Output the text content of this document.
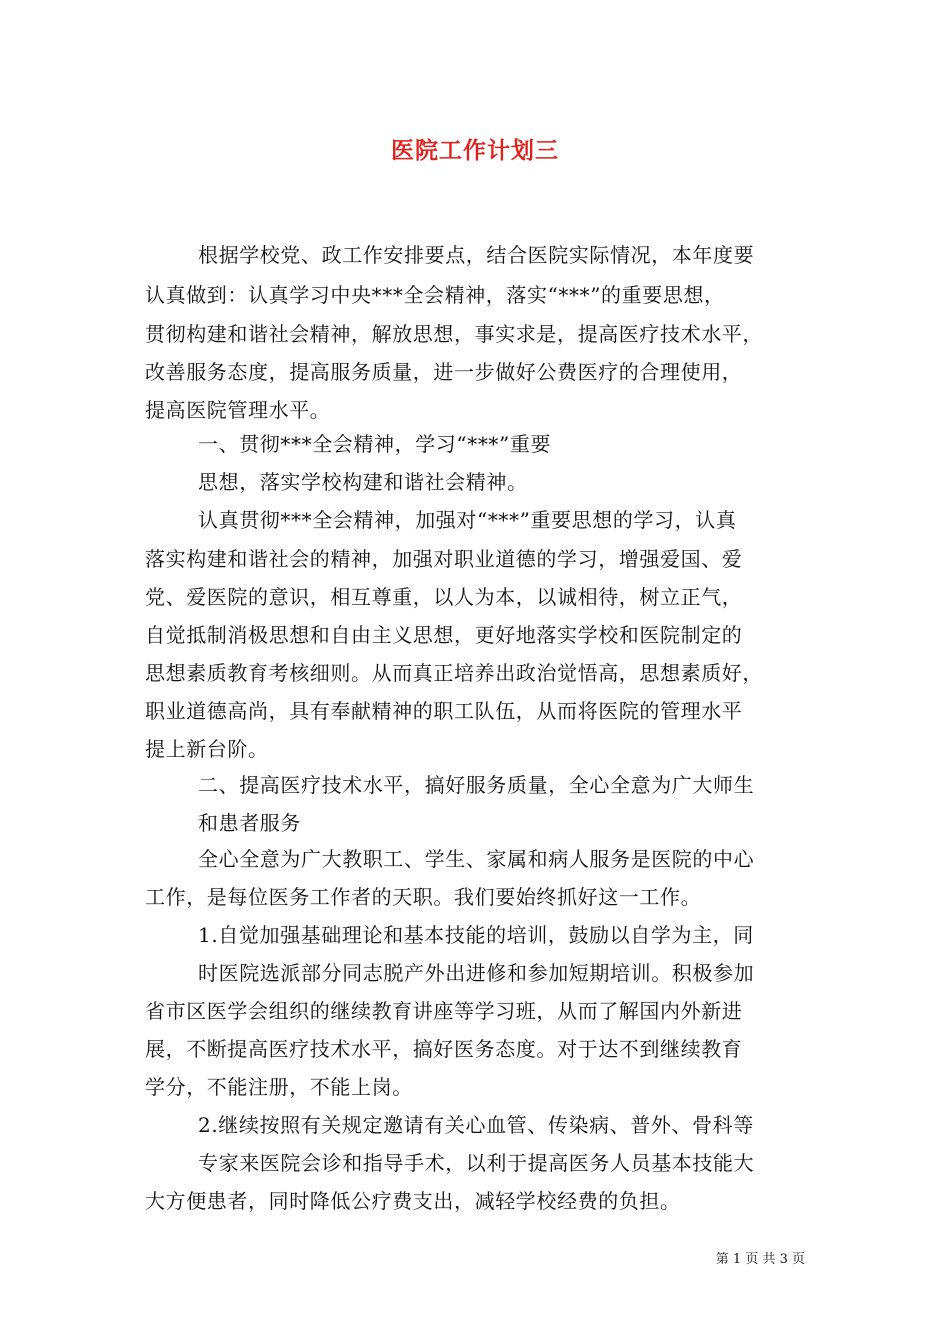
医院工作计划三

根据学校党、政工作安排要点，结合医院实际情况，本年度要

认真做到：认真学习中央***全会精神，落实“***”的重要思想，

贯彻构建和谐社会精神，解放思想，事实求是，提高医疗技术水平，

改善服务态度，提高服务质量，进一步做好公费医疗的合理使用，

提高医院管理水平。

一、贯彻***全会精神，学习“***”重要

思想，落实学校构建和谐社会精神。

认真贯彻***全会精神，加强对“***”重要思想的学习，认真

落实构建和谐社会的精神，加强对职业道德的学习，增强爱国、爱

党、爱医院的意识，相互尊重，以人为本，以诚相待，树立正气，

自觉抵制消极思想和自由主义思想，更好地落实学校和医院制定的

思想素质教育考核细则。从而真正培养出政治觉悟高，思想素质好，

职业道德高尚，具有奉献精神的职工队伍，从而将医院的管理水平

提上新台阶。

二、提高医疗技术水平，搞好服务质量，全心全意为广大师生

和患者服务

全心全意为广大教职工、学生、家属和病人服务是医院的中心

工作，是每位医务工作者的天职。我们要始终抓好这一工作。

1.自觉加强基础理论和基本技能的培训，鼓励以自学为主，同

时医院选派部分同志脱产外出进修和参加短期培训。积极参加

省市区医学会组织的继续教育讲座等学习班，从而了解国内外新进

展，不断提高医疗技术水平，搞好医务态度。对于达不到继续教育

学分，不能注册，不能上岗。

2.继续按照有关规定邀请有关心血管、传染病、普外、骨科等

专家来医院会诊和指导手术，以利于提高医务人员基本技能大

大方便患者，同时降低公疗费支出，减轻学校经费的负担。

第 1 页 共 3 页
